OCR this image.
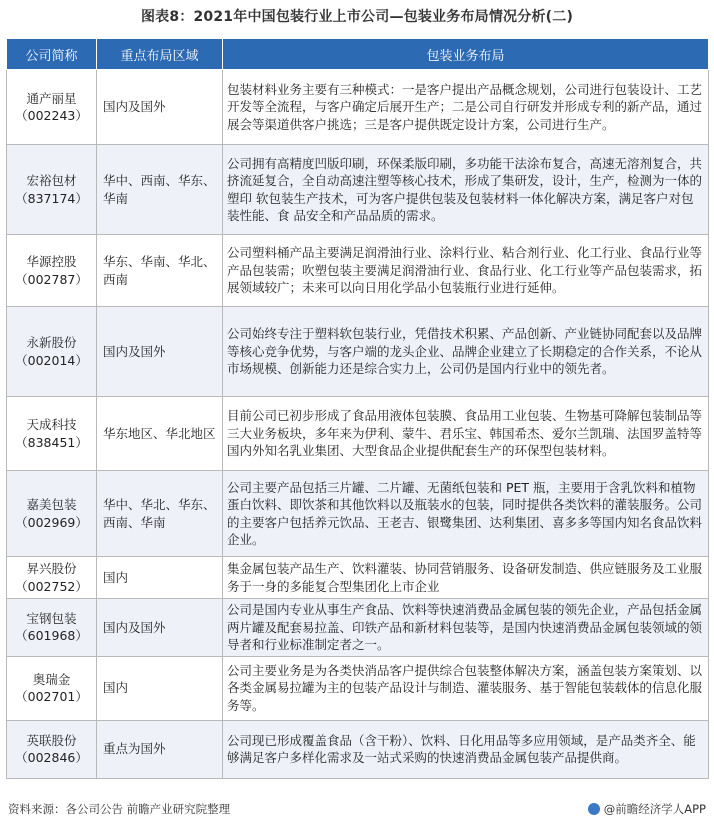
图表8：2021年中国包装行业上市公司—包装业务布局情况分析(二)
公司简称	重点布局区域	包装业务布局

通产丽星
（002243）	国内及国外	包装材料业务主要有三种模式：一是客户提出产品概念规划，公司进行包装设计、工艺开发等全流程，与客户确定后展开生产；二是公司自行研发并形成专利的新产品，通过展会等渠道供客户挑选；三是客户提供既定设计方案，公司进行生产。

宏裕包材
（837174）	华中、西南、华东、华南	公司拥有高精度凹版印刷，环保柔版印刷，多功能干法涂布复合，高速无溶剂复合，共 挤流延复合，全自动高速注塑等核心技术，形成了集研发，设计，生产，检测为一体的塑印 软包装生产技术，可为客户提供包装及包装材料一体化解决方案，满足客户对包装性能、食 品安全和产品品质的需求。

华源控股
（002787）	华东、华南、华北、西南	公司塑料桶产品主要满足润滑油行业、涂料行业、粘合剂行业、化工行业、食品行业等产品包装需；吹塑包装主要满足润滑油行业、食品行业、化工行业等产品包装需求，拓展领域较广；未来可以向日用化学品小包装瓶行业进行延伸。

永新股份
（002014）	国内及国外	公司始终专注于塑料软包装行业，凭借技术积累、产品创新、产业链协同配套以及品牌等核心竞争优势，与客户端的龙头企业、品牌企业建立了长期稳定的合作关系，不论从市场规模、创新能力还是综合实力上，公司仍是国内行业中的领先者。

天成科技
（838451）	华东地区、华北地区	目前公司已初步形成了食品用液体包装膜、食品用工业包装、生物基可降解包装制品等三大业务板块，多年来为伊利、蒙牛、君乐宝、韩国希杰、爱尔兰凯瑞、法国罗盖特等国内外知名乳业集团、大型食品企业提供配套生产的环保型包装材料。

嘉美包装
（002969）	华中、华北、华东、西南、华南	公司主要产品包括三片罐、二片罐、无菌纸包装和 PET 瓶，主要用于含乳饮料和植物蛋白饮料、即饮茶和其他饮料以及瓶装水的包装，同时提供各类饮料的灌装服务。公司的主要客户包括养元饮品、王老吉、银鹭集团、达利集团、喜多多等国内知名食品饮料企业。

昇兴股份
（002752）	国内	集金属包装产品生产、饮料灌装、协同营销服务、设备研发制造、供应链服务及工业服务于一身的多能复合型集团化上市企业

宝钢包装
（601968）	国内及国外	公司是国内专业从事生产食品、饮料等快速消费品金属包装的领先企业，产品包括金属两片罐及配套易拉盖、印铁产品和新材料包装等，是国内快速消费品金属包装领域的领导者和行业标准制定者之一。

奥瑞金
（002701）	国内	公司主要业务是为各类快消品客户提供综合包装整体解决方案，涵盖包装方案策划、以各类金属易拉罐为主的包装产品设计与制造、灌装服务、基于智能包装载体的信息化服务等。

英联股份
（002846）	重点为国外	公司现已形成覆盖食品（含干粉）、饮料、日化用品等多应用领域，是产品类齐全、能够满足客户多样化需求及一站式采购的快速消费品金属包装产品提供商。
资料来源：各公司公告 前瞻产业研究院整理	@前瞻经济学人APP
